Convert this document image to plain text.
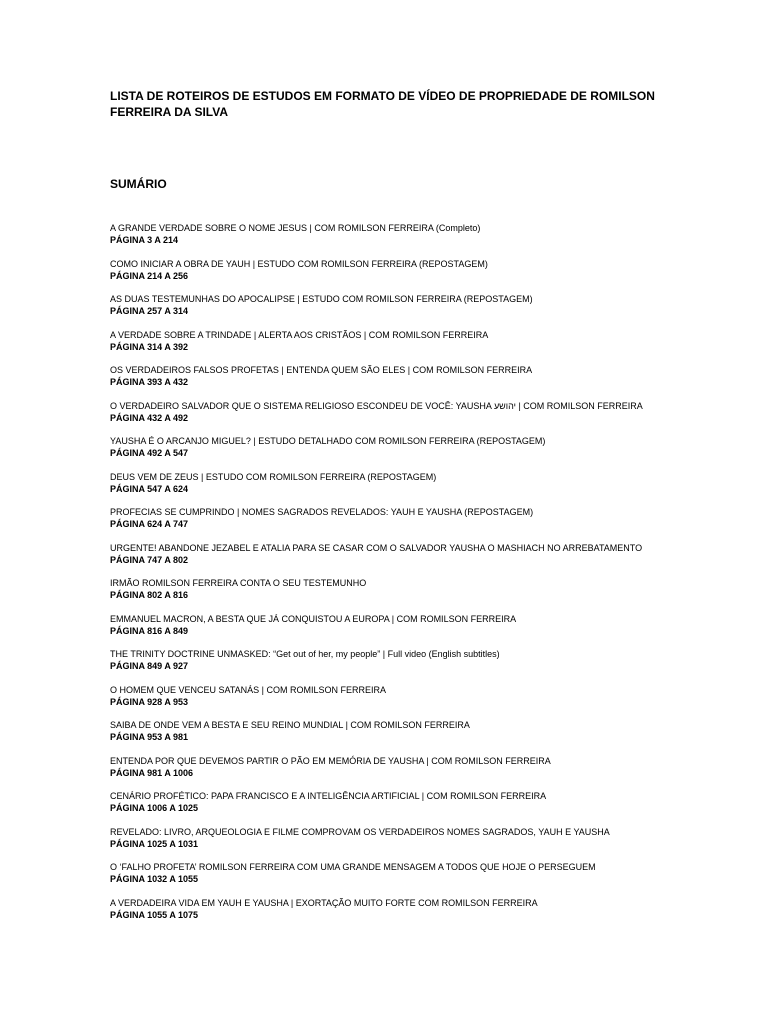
LISTA DE ROTEIROS DE ESTUDOS EM FORMATO DE VÍDEO DE PROPRIEDADE DE ROMILSON FERREIRA DA SILVA
SUMÁRIO
A GRANDE VERDADE SOBRE O NOME JESUS | COM ROMILSON FERREIRA (Completo)
PÁGINA 3 A 214
COMO INICIAR A OBRA DE YAUH | ESTUDO COM ROMILSON FERREIRA (REPOSTAGEM)
PÁGINA 214 A 256
AS DUAS TESTEMUNHAS DO APOCALIPSE | ESTUDO COM ROMILSON FERREIRA (REPOSTAGEM)
PÁGINA 257 A 314
A VERDADE SOBRE A TRINDADE | ALERTA AOS CRISTÃOS | COM ROMILSON FERREIRA
PÁGINA 314 A 392
OS VERDADEIROS FALSOS PROFETAS | ENTENDA QUEM SÃO ELES | COM ROMILSON FERREIRA
PÁGINA 393 A 432
O VERDADEIRO SALVADOR QUE O SISTEMA RELIGIOSO ESCONDEU DE VOCÊ: YAUSHA יהושע | COM ROMILSON FERREIRA
PÁGINA 432 A 492
YAUSHA É O ARCANJO MIGUEL? | ESTUDO DETALHADO COM ROMILSON FERREIRA (REPOSTAGEM)
PÁGINA 492 A 547
DEUS VEM DE ZEUS | ESTUDO COM ROMILSON FERREIRA (REPOSTAGEM)
PÁGINA 547 A 624
PROFECIAS SE CUMPRINDO | NOMES SAGRADOS REVELADOS: YAUH E YAUSHA (REPOSTAGEM)
PÁGINA 624 A 747
URGENTE! ABANDONE JEZABEL E ATALIA PARA SE CASAR COM O SALVADOR YAUSHA O MASHIACH NO ARREBATAMENTO
PÁGINA 747 A 802
IRMÃO ROMILSON FERREIRA CONTA O SEU TESTEMUNHO
PÁGINA 802 A 816
EMMANUEL MACRON, A BESTA QUE JÁ CONQUISTOU A EUROPA | COM ROMILSON FERREIRA
PÁGINA 816 A 849
THE TRINITY DOCTRINE UNMASKED: “Get out of her, my people” | Full video (English subtitles)
PÁGINA 849 A 927
O HOMEM QUE VENCEU SATANÁS | COM ROMILSON FERREIRA
PÁGINA 928 A 953
SAIBA DE ONDE VEM A BESTA E SEU REINO MUNDIAL | COM ROMILSON FERREIRA
PÁGINA 953 A 981
ENTENDA POR QUE DEVEMOS PARTIR O PÃO EM MEMÓRIA DE YAUSHA | COM ROMILSON FERREIRA
PÁGINA 981 A 1006
CENÁRIO PROFÉTICO: PAPA FRANCISCO E A INTELIGÊNCIA ARTIFICIAL | COM ROMILSON FERREIRA
PÁGINA 1006 A 1025
REVELADO: LIVRO, ARQUEOLOGIA E FILME COMPROVAM OS VERDADEIROS NOMES SAGRADOS, YAUH E YAUSHA
PÁGINA 1025 A 1031
O ‘FALHO PROFETA’ ROMILSON FERREIRA COM UMA GRANDE MENSAGEM A TODOS QUE HOJE O PERSEGUEM
PÁGINA 1032 A 1055
A VERDADEIRA VIDA EM YAUH E YAUSHA | EXORTAÇÃO MUITO FORTE COM ROMILSON FERREIRA
PÁGINA 1055 A 1075
